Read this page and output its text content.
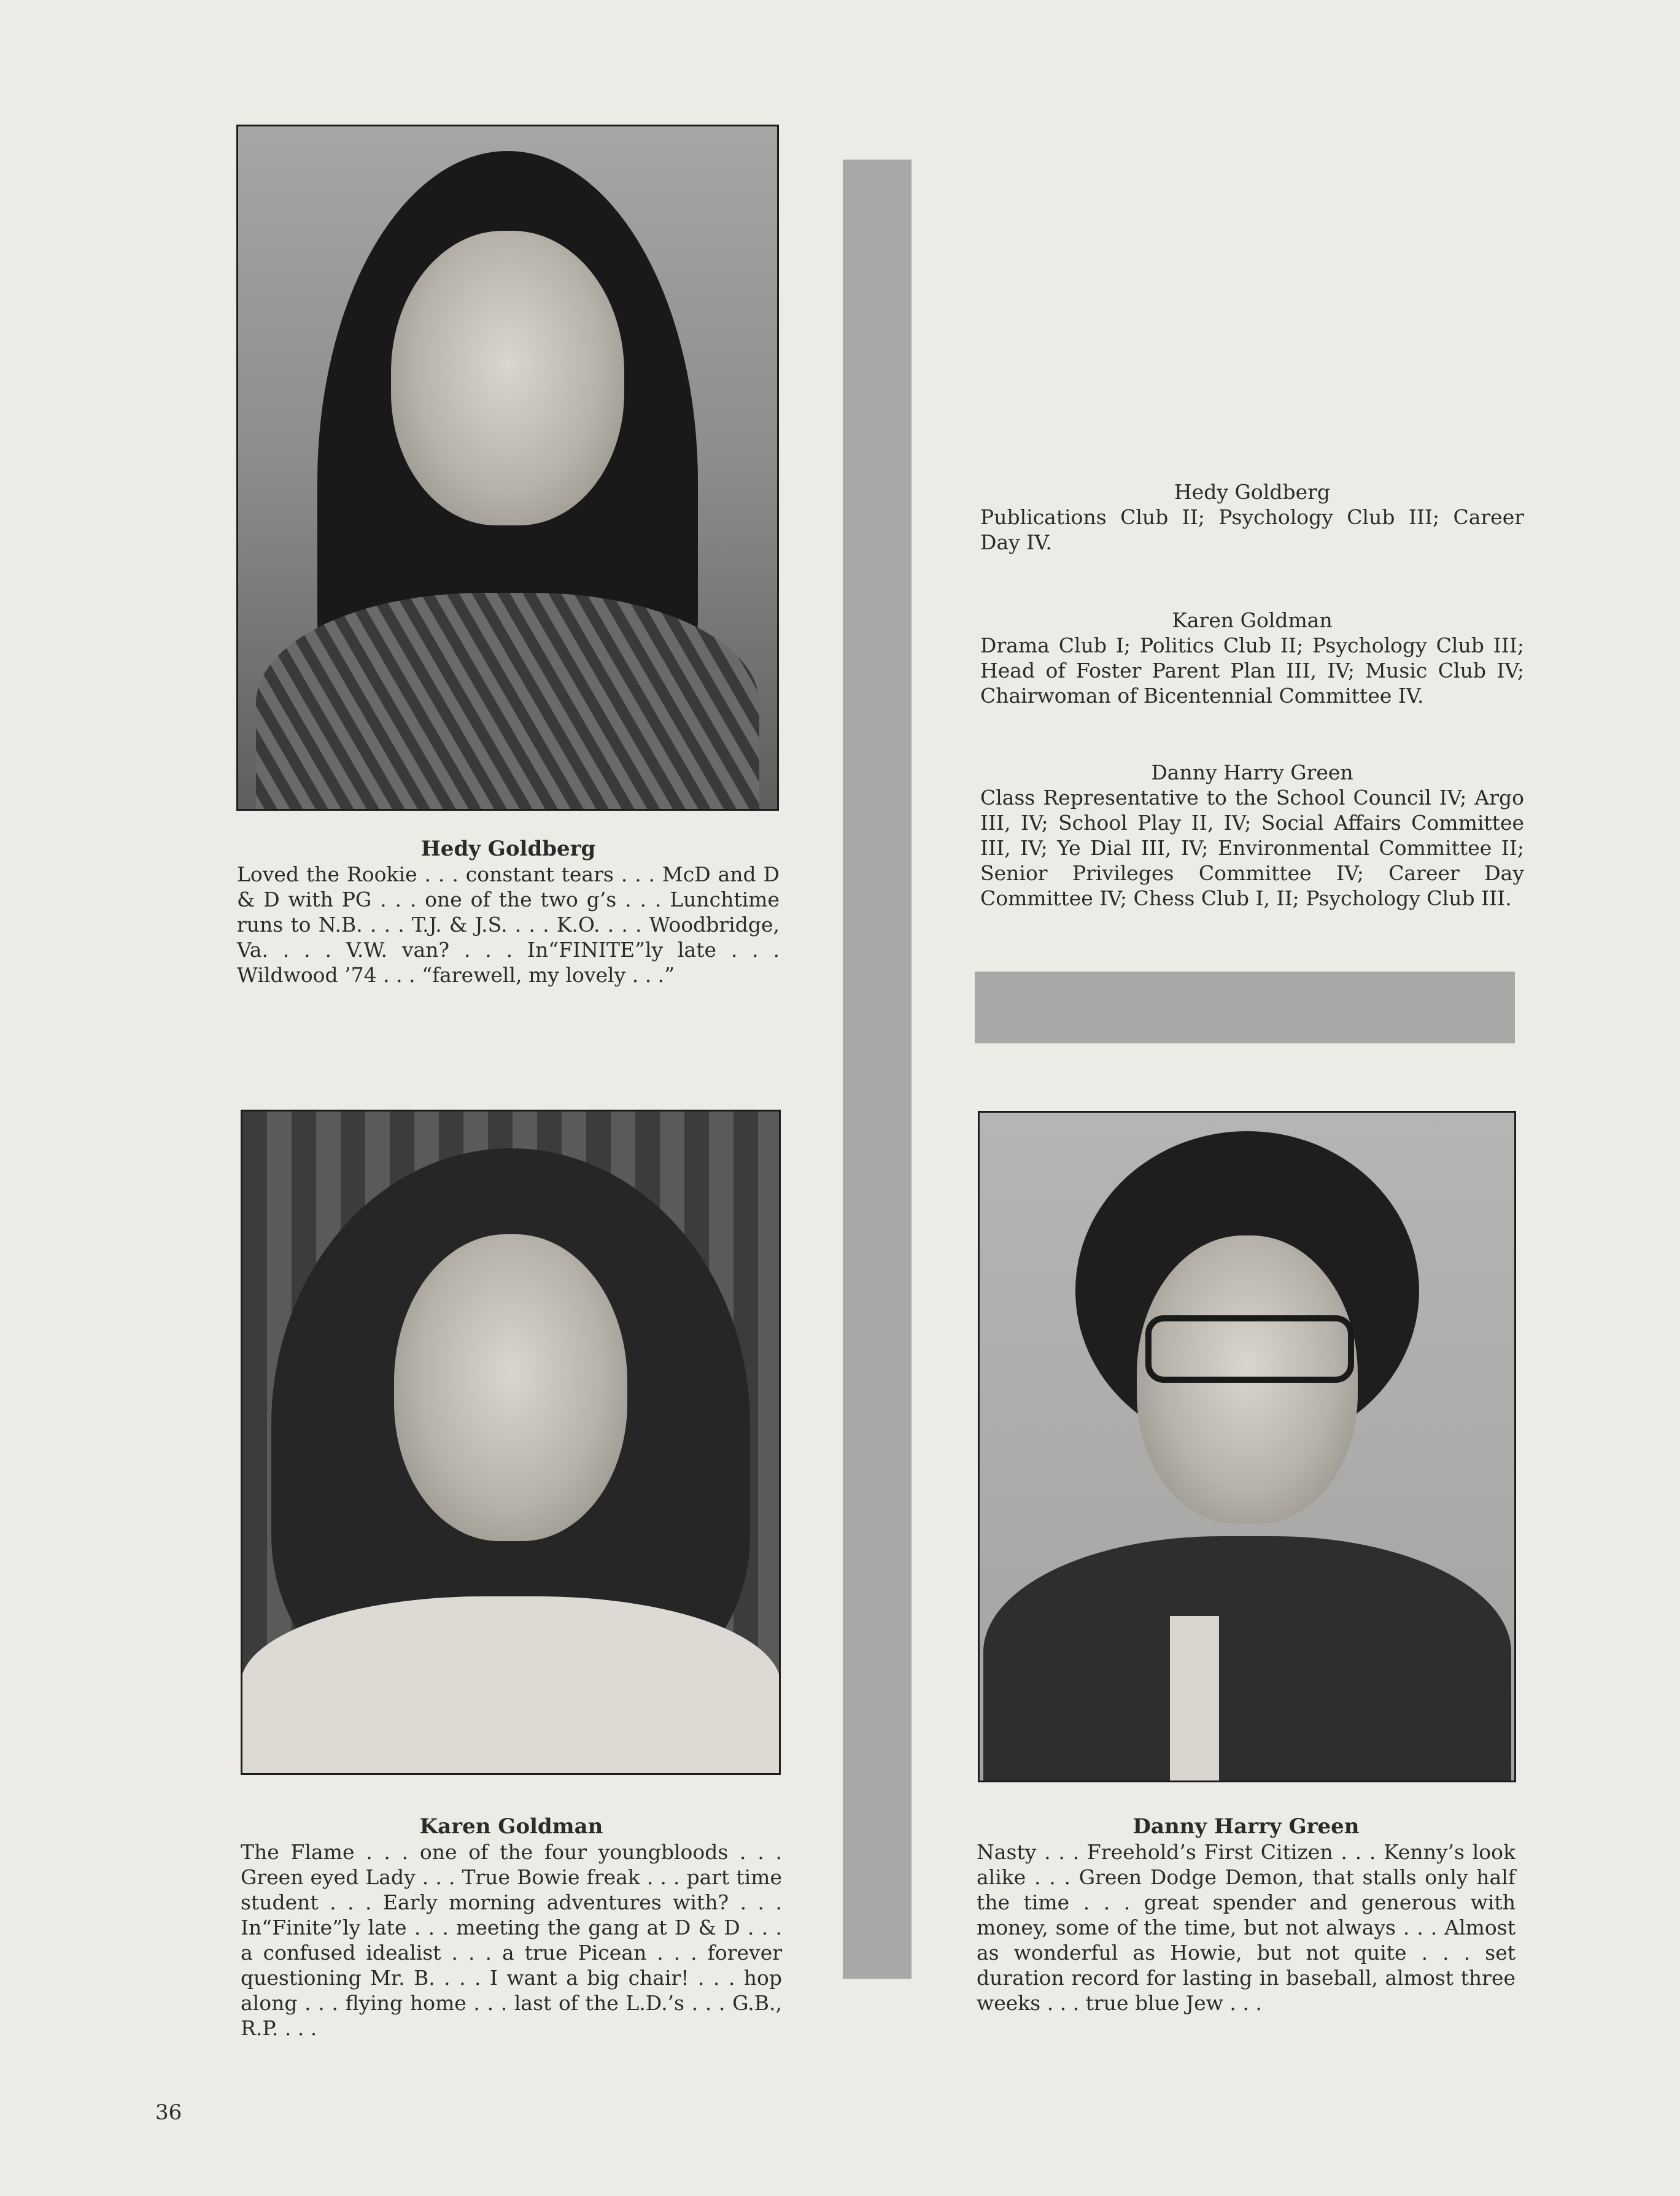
Hedy Goldberg
Loved the Rookie . . . constant tears . . . McD and D & D with PG . . . one of the two g’s . . . Lunchtime runs to N.B. . . . T.J. & J.S. . . . K.O. . . . Woodbridge, Va. . . . V.W. van? . . . In“FINITE”ly late . . . Wildwood ’74 . . . “farewell, my lovely . . .”
Karen Goldman
The Flame . . . one of the four youngbloods . . . Green eyed Lady . . . True Bowie freak . . . part time student . . . Early morning adventures with? . . . In“Finite”ly late . . . meeting the gang at D & D . . . a confused idealist . . . a true Picean . . . forever questioning Mr. B. . . . I want a big chair! . . . hop along . . . flying home . . . last of the L.D.’s . . . G.B., R.P. . . .
Danny Harry Green
Nasty . . . Freehold’s First Citizen . . . Kenny’s look alike . . . Green Dodge Demon, that stalls only half the time . . . great spender and generous with money, some of the time, but not always . . . Almost as wonderful as Howie, but not quite . . . set duration record for lasting in baseball, almost three weeks . . . true blue Jew . . .
Hedy Goldberg
Publications Club II; Psychology Club III; Career Day IV.
Karen Goldman
Drama Club I; Politics Club II; Psychology Club III; Head of Foster Parent Plan III, IV; Music Club IV; Chairwoman of Bicentennial Committee IV.
Danny Harry Green
Class Representative to the School Council IV; Argo III, IV; School Play II, IV; Social Affairs Committee III, IV; Ye Dial III, IV; Environmental Committee II; Senior Privileges Committee IV; Career Day Committee IV; Chess Club I, II; Psychology Club III.
36
